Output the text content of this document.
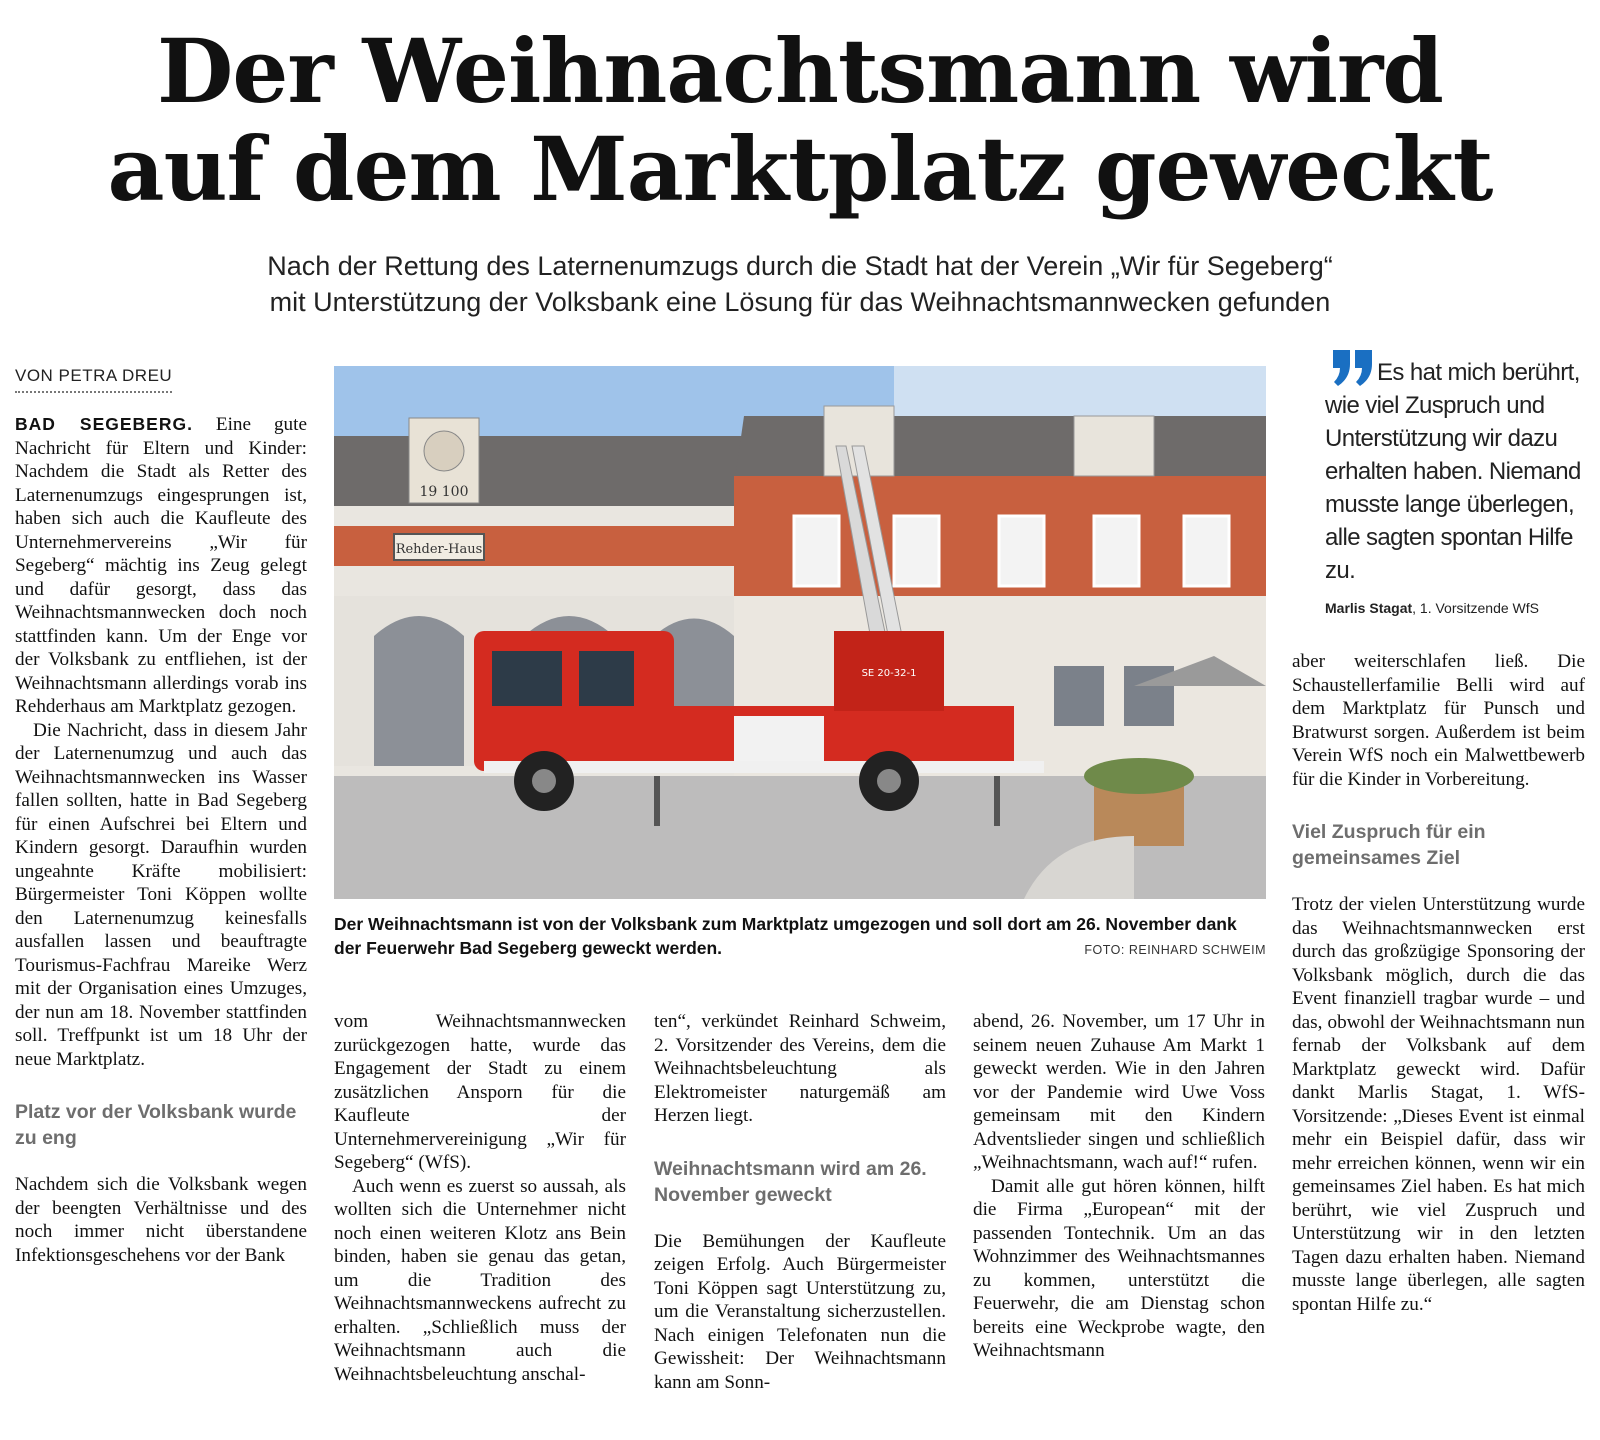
Der Weihnachtsmann wird
auf dem Marktplatz geweckt
Nach der Rettung des Laternenumzugs durch die Stadt hat der Verein „Wir für Segeberg“
mit Unterstützung der Volksbank eine Lösung für das Weihnachtsmannwecken gefunden
VON PETRA DREU

BAD SEGEBERG. Eine gute Nachricht für Eltern und Kinder: Nachdem die Stadt als Retter des Laternenumzugs eingesprungen ist, haben sich auch die Kaufleute des Unternehmervereins „Wir für Segeberg“ mächtig ins Zeug gelegt und dafür gesorgt, dass das Weihnachtsmannwecken doch noch stattfinden kann. Um der Enge vor der Volksbank zu entfliehen, ist der Weihnachtsmann allerdings vorab ins Rehderhaus am Marktplatz gezogen.

Die Nachricht, dass in diesem Jahr der Laternenumzug und auch das Weihnachtsmannwecken ins Wasser fallen sollten, hatte in Bad Segeberg für einen Aufschrei bei Eltern und Kindern gesorgt. Daraufhin wurden ungeahnte Kräfte mobilisiert: Bürgermeister Toni Köppen wollte den Laternenumzug keinesfalls ausfallen lassen und beauftragte Tourismus-Fachfrau Mareike Werz mit der Organisation eines Umzuges, der nun am 18. November stattfinden soll. Treffpunkt ist um 18 Uhr der neue Marktplatz.

Platz vor der Volksbank wurde zu eng

Nachdem sich die Volksbank wegen der beengten Verhältnisse und des noch immer nicht überstandene Infektionsgeschehens vor der Bank

Rehder-Haus
19 100
SE 20-32-1
Der Weihnachtsmann ist von der Volksbank zum Marktplatz umgezogen und soll dort am 26. November dank der Feuerwehr Bad Segeberg geweckt werden.	FOTO: REINHARD SCHWEIM
Es hat mich berührt, wie viel Zuspruch und Unterstützung wir dazu erhalten haben. Niemand musste lange überlegen, alle sagten spontan Hilfe zu.
Marlis Stagat, 1. Vorsitzende WfS

vom Weihnachtsmannwecken zurückgezogen hatte, wurde das Engagement der Stadt zu einem zusätzlichen Ansporn für die Kaufleute der Unternehmervereinigung „Wir für Segeberg“ (WfS).

Auch wenn es zuerst so aussah, als wollten sich die Unternehmer nicht noch einen weiteren Klotz ans Bein binden, haben sie genau das getan, um die Tradition des Weihnachtsmannweckens aufrecht zu erhalten. „Schließlich muss der Weihnachtsmann auch die Weihnachtsbeleuchtung anschal-

ten“, verkündet Reinhard Schweim, 2. Vorsitzender des Vereins, dem die Weihnachtsbeleuchtung als Elektromeister naturgemäß am Herzen liegt.

Weihnachtsmann wird am 26. November geweckt

Die Bemühungen der Kaufleute zeigen Erfolg. Auch Bürgermeister Toni Köppen sagt Unterstützung zu, um die Veranstaltung sicherzustellen. Nach einigen Telefonaten nun die Gewissheit: Der Weihnachtsmann kann am Sonn-

abend, 26. November, um 17 Uhr in seinem neuen Zuhause Am Markt 1 geweckt werden. Wie in den Jahren vor der Pandemie wird Uwe Voss gemeinsam mit den Kindern Adventslieder singen und schließlich „Weihnachtsmann, wach auf!“ rufen.

Damit alle gut hören können, hilft die Firma „European“ mit der passenden Tontechnik. Um an das Wohnzimmer des Weihnachtsmannes zu kommen, unterstützt die Feuerwehr, die am Dienstag schon bereits eine Weckprobe wagte, den Weihnachtsmann

aber weiterschlafen ließ. Die Schaustellerfamilie Belli wird auf dem Marktplatz für Punsch und Bratwurst sorgen. Außerdem ist beim Verein WfS noch ein Malwettbewerb für die Kinder in Vorbereitung.

Viel Zuspruch für ein gemeinsames Ziel

Trotz der vielen Unterstützung wurde das Weihnachtsmannwecken erst durch das großzügige Sponsoring der Volksbank möglich, durch die das Event finanziell tragbar wurde – und das, obwohl der Weihnachtsmann nun fernab der Volksbank auf dem Marktplatz geweckt wird. Dafür dankt Marlis Stagat, 1. WfS-Vorsitzende: „Dieses Event ist einmal mehr ein Beispiel dafür, dass wir mehr erreichen können, wenn wir ein gemeinsames Ziel haben. Es hat mich berührt, wie viel Zuspruch und Unterstützung wir in den letzten Tagen dazu erhalten haben. Niemand musste lange überlegen, alle sagten spontan Hilfe zu.“
